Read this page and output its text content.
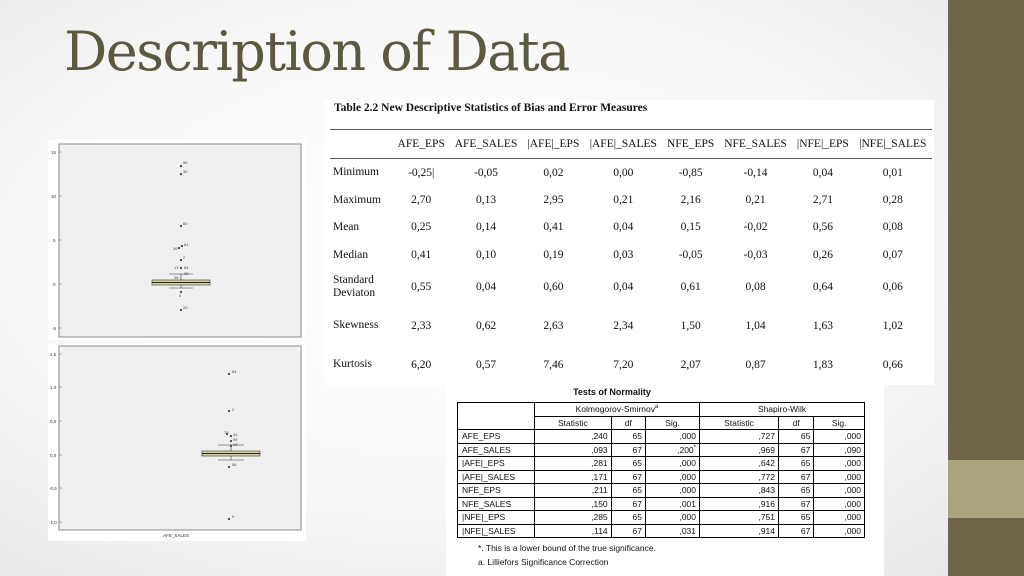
Description of Data
15
10
5
0
-5
59
30
60
36
61
2
13 64
26
36
0
20
1,5
1,0
0,5
0,0
-0,5
-1,0
64
2
70 24
59
26
56
9
AFE_SALES
Table 2.2 New Descriptive Statistics of Bias and Error Measures
	AFE_EPS	AFE_SALES	|AFE|_EPS	|AFE|_SALES	NFE_EPS	NFE_SALES	|NFE|_EPS	|NFE|_SALES
Minimum	-0,25|	-0,05	0,02	0,00	-0,85	-0,14	0,04	0,01
Maximum	2,70	0,13	2,95	0,21	2,16	0,21	2,71	0,28
Mean	0,25	0,14	0,41	0,04	0,15	-0,02	0,56	0,08
Median	0,41	0,10	0,19	0,03	-0,05	-0,03	0,26	0,07
Standard Deviaton	0,55	0,04	0,60	0,04	0,61	0,08	0,64	0,06
Skewness	2,33	0,62	2,63	2,34	1,50	1,04	1,63	1,02
Kurtosis	6,20	0,57	7,46	7,20	2,07	0,87	1,83	0,66
Tests of Normality
	Kolmogorov-Smirnov$^a$			Shapiro-Wilk		
	Statistic	df	Sig.	Statistic	df	Sig.
AFE_EPS	,240	65	,000	,727	65	,000
AFE_SALES	,093	67	,200*	,969	67	,090
|AFE|_EPS	,281	65	,000	,642	65	,000
|AFE|_SALES	,171	67	,000	,772	67	,000
NFE_EPS	,211	65	,000	,843	65	,000
NFE_SALES	,150	67	,001	,916	67	,000
|NFE|_EPS	,285	65	,000	,751	65	,000
|NFE|_SALES	,114	67	,031	,914	67	,000
*. This is a lower bound of the true significance.
a. Lilliefors Significance Correction
